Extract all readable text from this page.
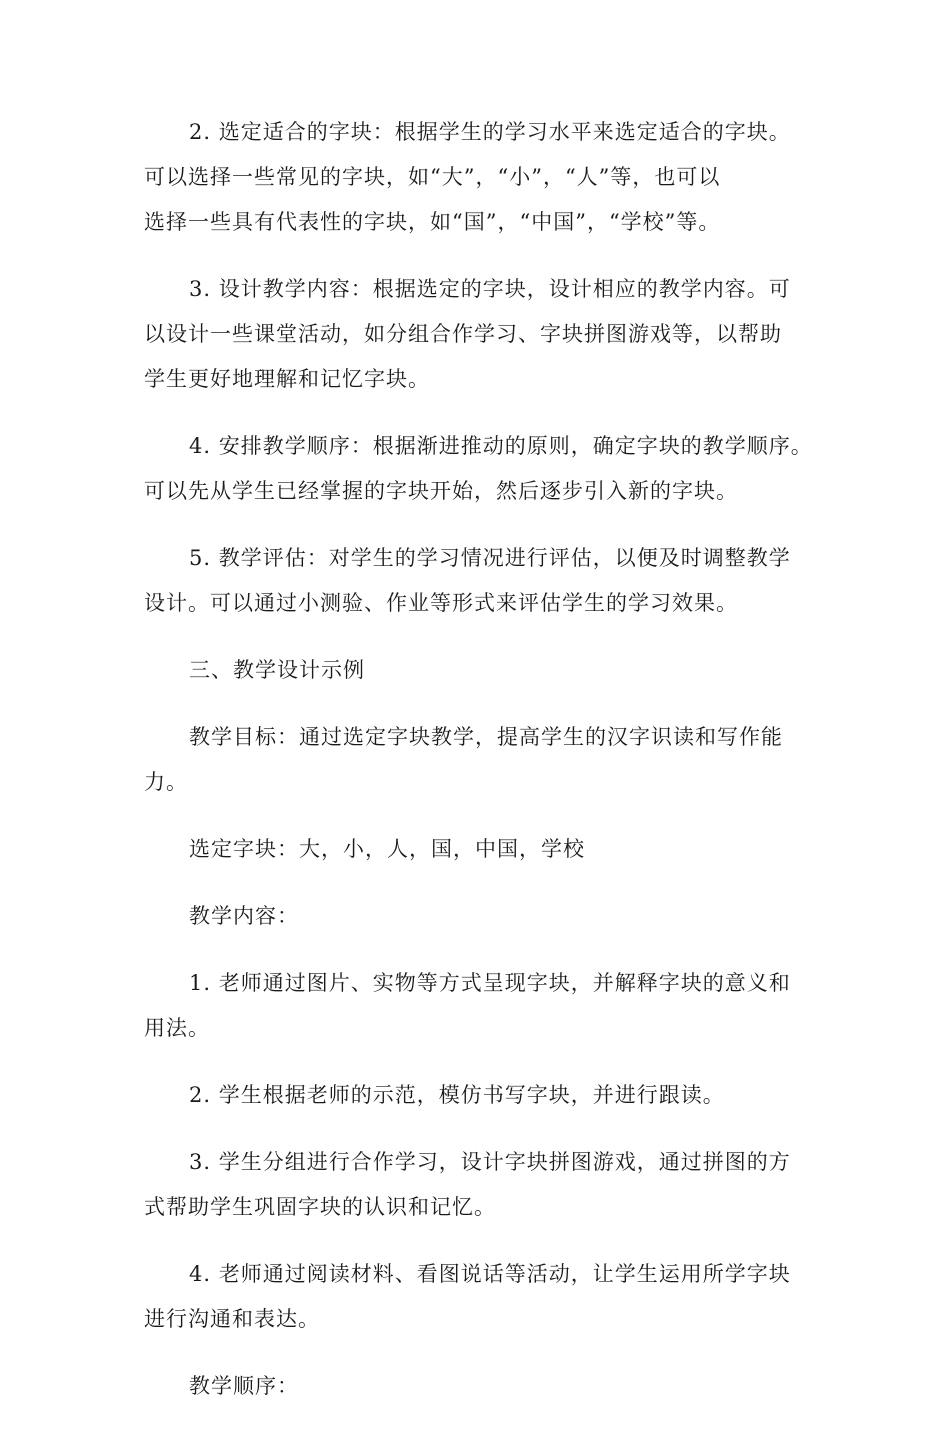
2. 选定适合的字块：根据学生的学习水平来选定适合的字块。
可以选择一些常见的字块，如“大”，“小”，“人”等，也可以
选择一些具有代表性的字块，如“国”，“中国”，“学校”等。

3. 设计教学内容：根据选定的字块，设计相应的教学内容。可
以设计一些课堂活动，如分组合作学习、字块拼图游戏等，以帮助
学生更好地理解和记忆字块。

4. 安排教学顺序：根据渐进推动的原则，确定字块的教学顺序。
可以先从学生已经掌握的字块开始，然后逐步引入新的字块。

5. 教学评估：对学生的学习情况进行评估，以便及时调整教学
设计。可以通过小测验、作业等形式来评估学生的学习效果。

三、教学设计示例

教学目标：通过选定字块教学，提高学生的汉字识读和写作能
力。

选定字块：大，小，人，国，中国，学校

教学内容：

1. 老师通过图片、实物等方式呈现字块，并解释字块的意义和
用法。

2. 学生根据老师的示范，模仿书写字块，并进行跟读。

3. 学生分组进行合作学习，设计字块拼图游戏，通过拼图的方
式帮助学生巩固字块的认识和记忆。

4. 老师通过阅读材料、看图说话等活动，让学生运用所学字块
进行沟通和表达。

教学顺序：
